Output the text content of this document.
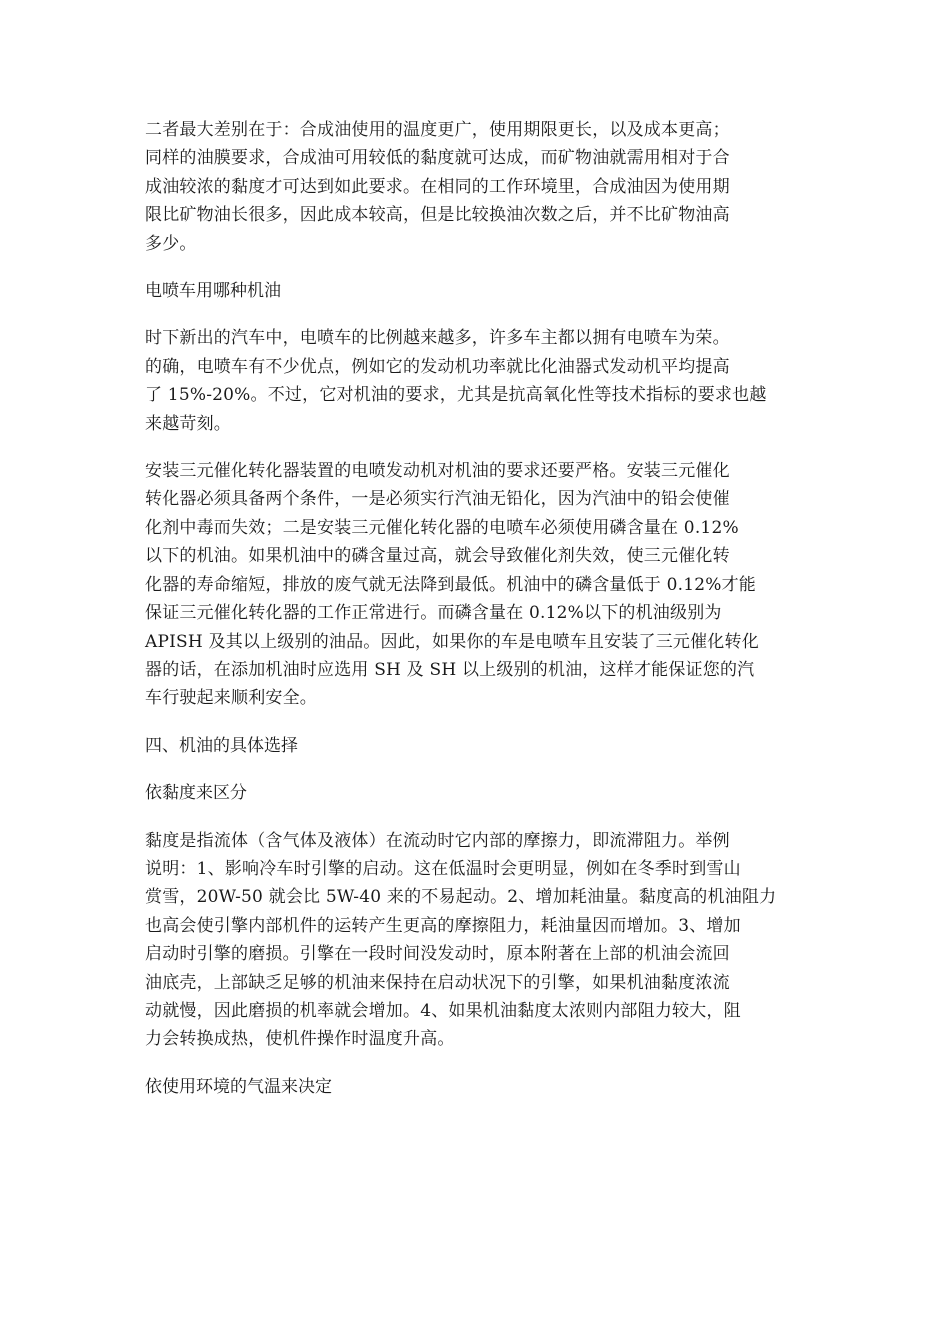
二者最大差别在于：合成油使用的温度更广，使用期限更长，以及成本更高；
同样的油膜要求，合成油可用较低的黏度就可达成，而矿物油就需用相对于合
成油较浓的黏度才可达到如此要求。在相同的工作环境里，合成油因为使用期
限比矿物油长很多，因此成本较高，但是比较换油次数之后，并不比矿物油高
多少。

电喷车用哪种机油

时下新出的汽车中，电喷车的比例越来越多，许多车主都以拥有电喷车为荣。
的确，电喷车有不少优点，例如它的发动机功率就比化油器式发动机平均提高
了 15%-20%。不过，它对机油的要求，尤其是抗高氧化性等技术指标的要求也越
来越苛刻。

安装三元催化转化器装置的电喷发动机对机油的要求还要严格。安装三元催化
转化器必须具备两个条件，一是必须实行汽油无铅化，因为汽油中的铅会使催
化剂中毒而失效；二是安装三元催化转化器的电喷车必须使用磷含量在 0.12%
以下的机油。如果机油中的磷含量过高，就会导致催化剂失效，使三元催化转
化器的寿命缩短，排放的废气就无法降到最低。机油中的磷含量低于 0.12%才能
保证三元催化转化器的工作正常进行。而磷含量在 0.12%以下的机油级别为
APISH 及其以上级别的油品。因此，如果你的车是电喷车且安装了三元催化转化
器的话，在添加机油时应选用 SH 及 SH 以上级别的机油，这样才能保证您的汽
车行驶起来顺利安全。

四、机油的具体选择

依黏度来区分

黏度是指流体（含气体及液体）在流动时它内部的摩擦力，即流滞阻力。举例
说明：1、影响冷车时引擎的启动。这在低温时会更明显，例如在冬季时到雪山
赏雪，20W-50 就会比 5W-40 来的不易起动。2、增加耗油量。黏度高的机油阻力
也高会使引擎内部机件的运转产生更高的摩擦阻力，耗油量因而增加。3、增加
启动时引擎的磨损。引擎在一段时间没发动时，原本附著在上部的机油会流回
油底壳，上部缺乏足够的机油来保持在启动状况下的引擎，如果机油黏度浓流
动就慢，因此磨损的机率就会增加。4、如果机油黏度太浓则内部阻力较大，阻
力会转换成热，使机件操作时温度升高。

依使用环境的气温来决定
